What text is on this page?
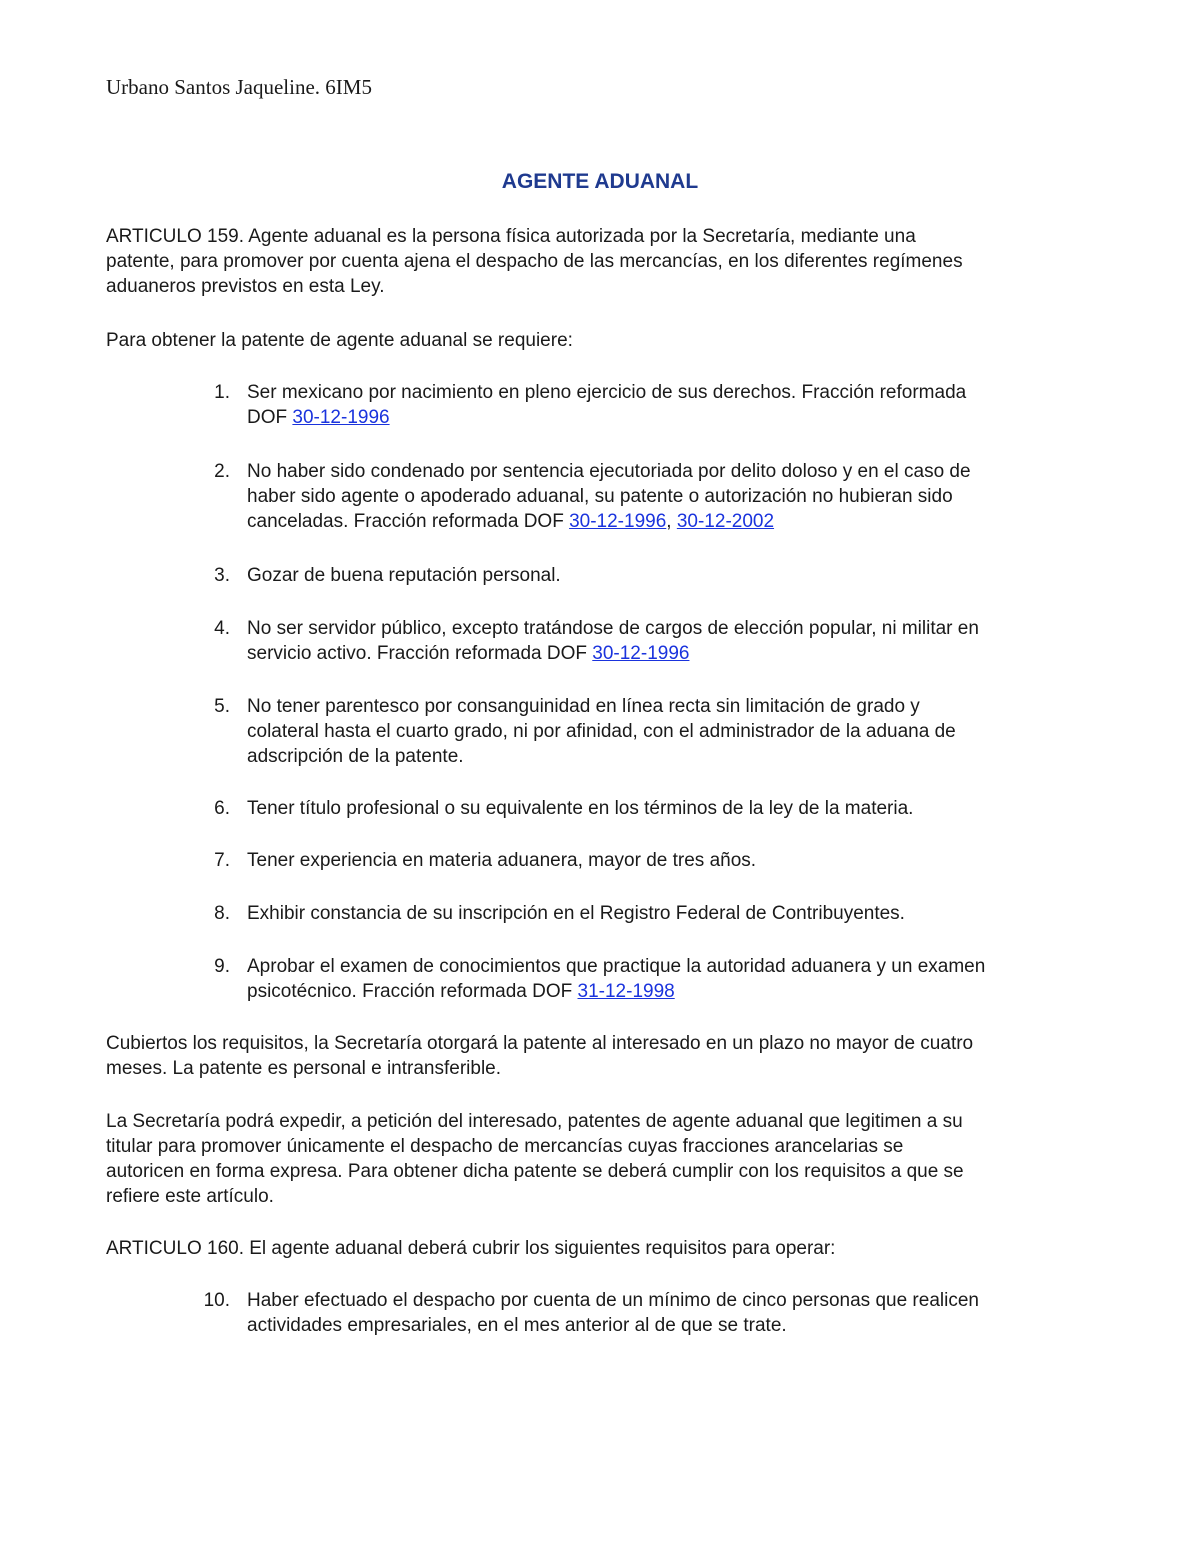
Urbano Santos Jaqueline. 6IM5
AGENTE ADUANAL
ARTICULO 159. Agente aduanal es la persona física autorizada por la Secretaría, mediante una
patente, para promover por cuenta ajena el despacho de las mercancías, en los diferentes regímenes
aduaneros previstos en esta Ley.
Para obtener la patente de agente aduanal se requiere:
1. Ser mexicano por nacimiento en pleno ejercicio de sus derechos. Fracción reformada
DOF 30-12-1996
2. No haber sido condenado por sentencia ejecutoriada por delito doloso y en el caso de
haber sido agente o apoderado aduanal, su patente o autorización no hubieran sido
canceladas. Fracción reformada DOF 30-12-1996, 30-12-2002
3. Gozar de buena reputación personal.
4. No ser servidor público, excepto tratándose de cargos de elección popular, ni militar en
servicio activo. Fracción reformada DOF 30-12-1996
5. No tener parentesco por consanguinidad en línea recta sin limitación de grado y
colateral hasta el cuarto grado, ni por afinidad, con el administrador de la aduana de
adscripción de la patente.
6. Tener título profesional o su equivalente en los términos de la ley de la materia.
7. Tener experiencia en materia aduanera, mayor de tres años.
8. Exhibir constancia de su inscripción en el Registro Federal de Contribuyentes.
9. Aprobar el examen de conocimientos que practique la autoridad aduanera y un examen
psicotécnico. Fracción reformada DOF 31-12-1998
Cubiertos los requisitos, la Secretaría otorgará la patente al interesado en un plazo no mayor de cuatro
meses. La patente es personal e intransferible.
La Secretaría podrá expedir, a petición del interesado, patentes de agente aduanal que legitimen a su
titular para promover únicamente el despacho de mercancías cuyas fracciones arancelarias se
autoricen en forma expresa. Para obtener dicha patente se deberá cumplir con los requisitos a que se
refiere este artículo.
ARTICULO 160. El agente aduanal deberá cubrir los siguientes requisitos para operar:
10. Haber efectuado el despacho por cuenta de un mínimo de cinco personas que realicen
actividades empresariales, en el mes anterior al de que se trate.
